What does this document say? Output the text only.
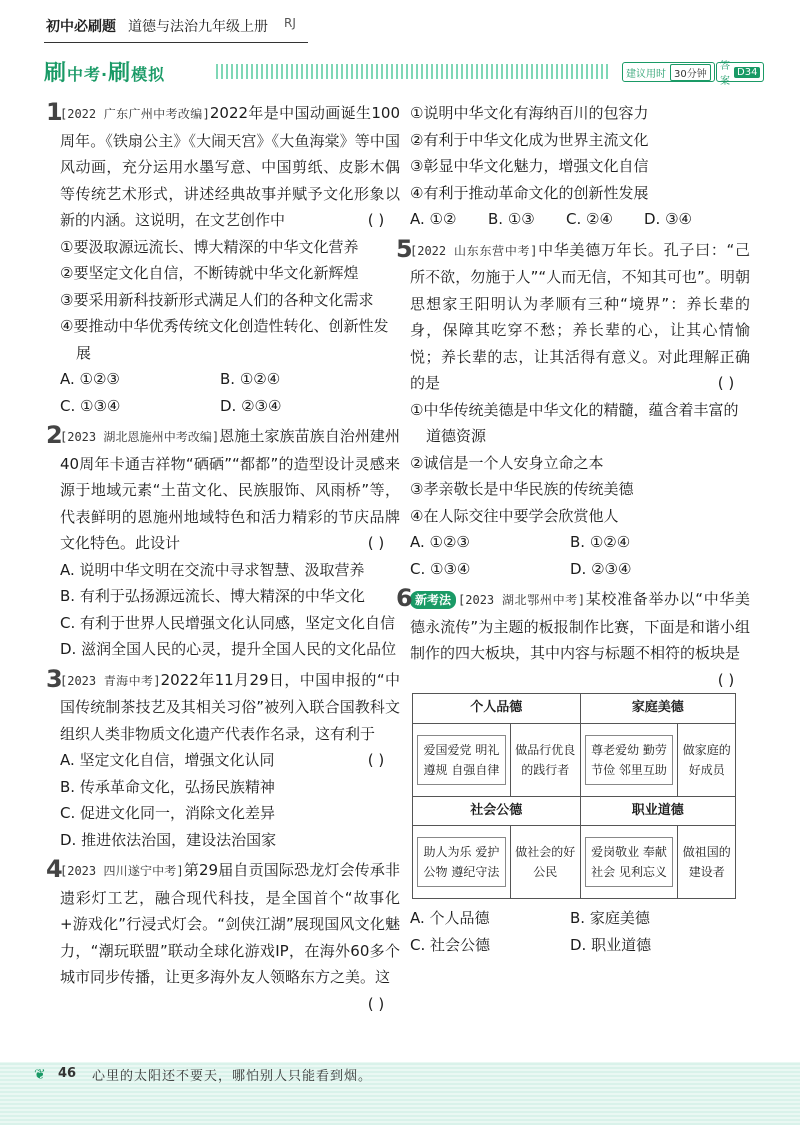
初中必刷题 道德与法治九年级上册 RJ
刷中考·刷模拟	建议用时 30分钟
答案
D34
1
[2022 广东广州中考改编]2022年是中国动画诞生100周年。《铁扇公主》《大闹天宫》《大鱼海棠》等中国风动画，充分运用水墨写意、中国剪纸、皮影木偶等传统艺术形式，讲述经典故事并赋予文化形象以新的内涵。这说明，在文艺创作中	( )
①要汲取源远流长、博大精深的中华文化营养
②要坚定文化自信，不断铸就中华文化新辉煌
③要采用新科技新形式满足人们的各种文化需求
④要推动中华优秀传统文化创造性转化、创新性发展
A. ①②③	B. ①②④
C. ①③④	D. ②③④
2
[2023 湖北恩施州中考改编]恩施土家族苗族自治州建州40周年卡通吉祥物“硒硒”“都都”的造型设计灵感来源于地域元素“土苗文化、民族服饰、风雨桥”等，代表鲜明的恩施州地域特色和活力精彩的节庆品牌文化特色。此设计	( )
A. 说明中华文明在交流中寻求智慧、汲取营养
B. 有利于弘扬源远流长、博大精深的中华文化
C. 有利于世界人民增强文化认同感，坚定文化自信
D. 滋润全国人民的心灵，提升全国人民的文化品位
3
[2023 青海中考]2022年11月29日，中国申报的“中国传统制茶技艺及其相关习俗”被列入联合国教科文组织人类非物质文化遗产代表作名录，这有利于
( )
A. 坚定文化自信，增强文化认同
B. 传承革命文化，弘扬民族精神
C. 促进文化同一，消除文化差异
D. 推进依法治国，建设法治国家
4
[2023 四川遂宁中考]第29届自贡国际恐龙灯会传承非遗彩灯工艺，融合现代科技，是全国首个“故事化+游戏化”行浸式灯会。“剑侠江湖”展现国风文化魅力，“潮玩联盟”联动全球化游戏IP，在海外60多个城市同步传播，让更多海外友人领略东方之美。这
( )
①说明中华文化有海纳百川的包容力
②有利于中华文化成为世界主流文化
③彰显中华文化魅力，增强文化自信
④有利于推动革命文化的创新性发展
A. ①②	B. ①③	C. ②④	D. ③④
5
[2022 山东东营中考]中华美德万年长。孔子曰：“己所不欲，勿施于人”“人而无信，不知其可也”。明朝思想家王阳明认为孝顺有三种“境界”：养长辈的身，保障其吃穿不愁；养长辈的心，让其心情愉悦；养长辈的志，让其活得有意义。对此理解正确的是	( )
①中华传统美德是中华文化的精髓，蕴含着丰富的道德资源
②诚信是一个人安身立命之本
③孝亲敬长是中华民族的传统美德
④在人际交往中要学会欣赏他人
A. ①②③	B. ①②④
C. ①③④	D. ②③④
6 新考法 [2023 湖北鄂州中考]某校准备举办以“中华美德永流传”为主题的板报制作比赛，下面是和谐小组制作的四大板块，其中内容与标题不相符的板块是
( )
个人品德		家庭美德	

爱国爱党 明礼遵规 自强自律	做品行优良的践行者	尊老爱幼 勤劳节俭 邻里互助	做家庭的好成员
社会公德		职业道德	

助人为乐 爱护公物 遵纪守法	做社会的好公民	爱岗敬业 奉献社会 见利忘义	做祖国的建设者
A. 个人品德	B. 家庭美德
C. 社会公德	D. 职业道德
❦ 46 心里的太阳还不要天，哪怕别人只能看到烟。
